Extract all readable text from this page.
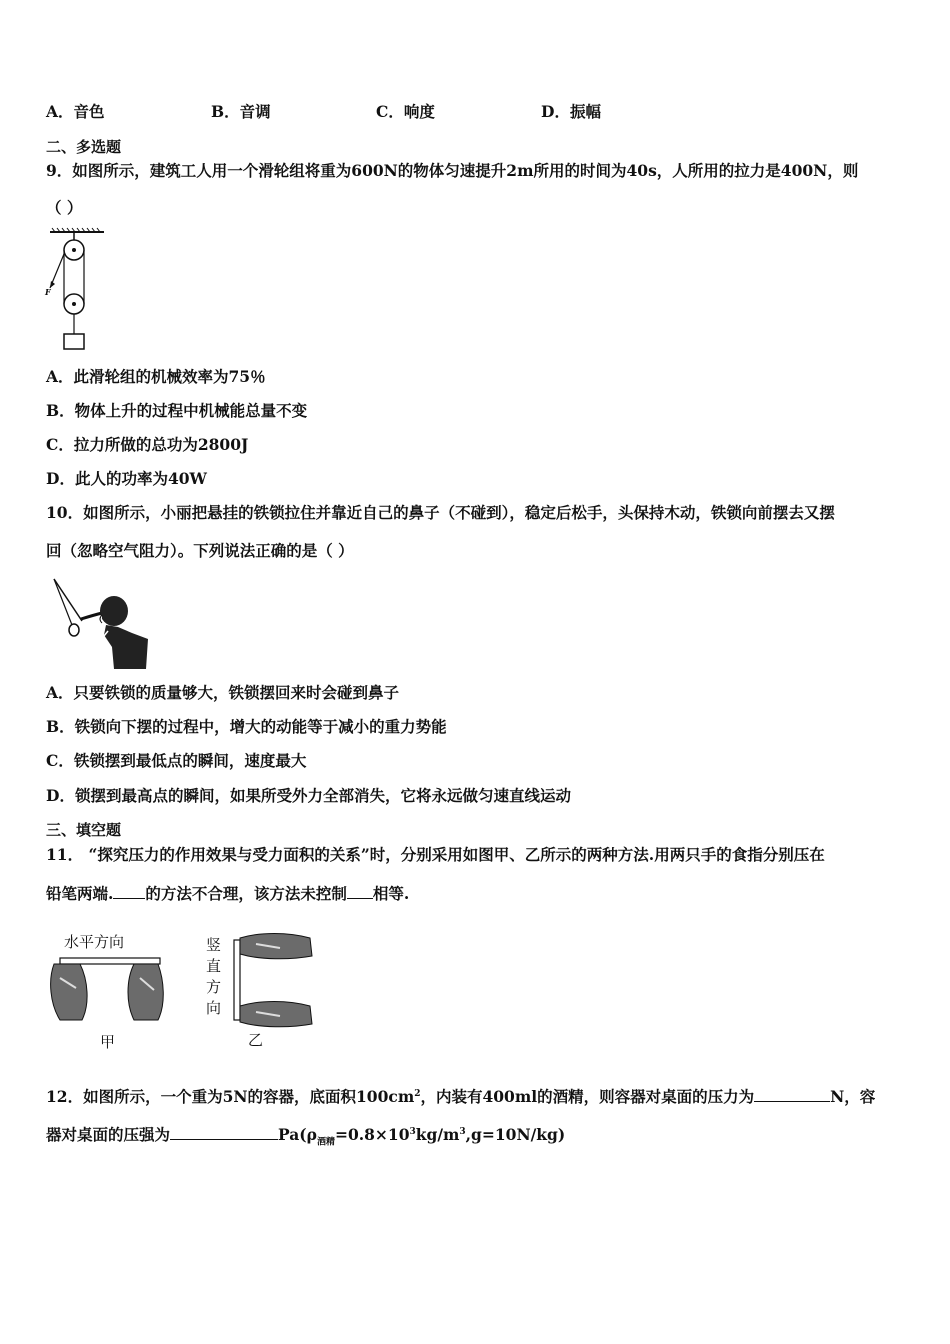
A．音色	B．音调	C．响度	D．振幅
二、多选题
9．如图所示，建筑工人用一个滑轮组将重为600N的物体匀速提升2m所用的时间为40s，人所用的拉力是400N，则
（ ）
F
A．此滑轮组的机械效率为75％
B．物体上升的过程中机械能总量不变
C．拉力所做的总功为2800J
D．此人的功率为40W
10．如图所示，小丽把悬挂的铁锁拉住并靠近自己的鼻子（不碰到），稳定后松手，头保持木动，铁锁向前摆去又摆
回（忽略空气阻力）。下列说法正确的是（ ）
A．只要铁锁的质量够大，铁锁摆回来时会碰到鼻子
B．铁锁向下摆的过程中，增大的动能等于减小的重力势能
C．铁锁摆到最低点的瞬间，速度最大
D．锁摆到最高点的瞬间，如果所受外力全部消失，它将永远做匀速直线运动
三、填空题
11． “探究压力的作用效果与受力面积的关系”时，分别采用如图甲、乙所示的两种方法.用两只手的食指分别压在
铅笔两端. 的方法不合理，该方法未控制 相等.
水平方向
甲
竖
直
方
向
乙
12．如图所示，一个重为5N的容器，底面积$100cm^2$，内装有400ml的酒精，则容器对桌面的压力为	N，容
器对桌面的压强为	$Pa(\rho_{酒精}=0.8\times 10^3kg/m^3,g=10N/kg)$
